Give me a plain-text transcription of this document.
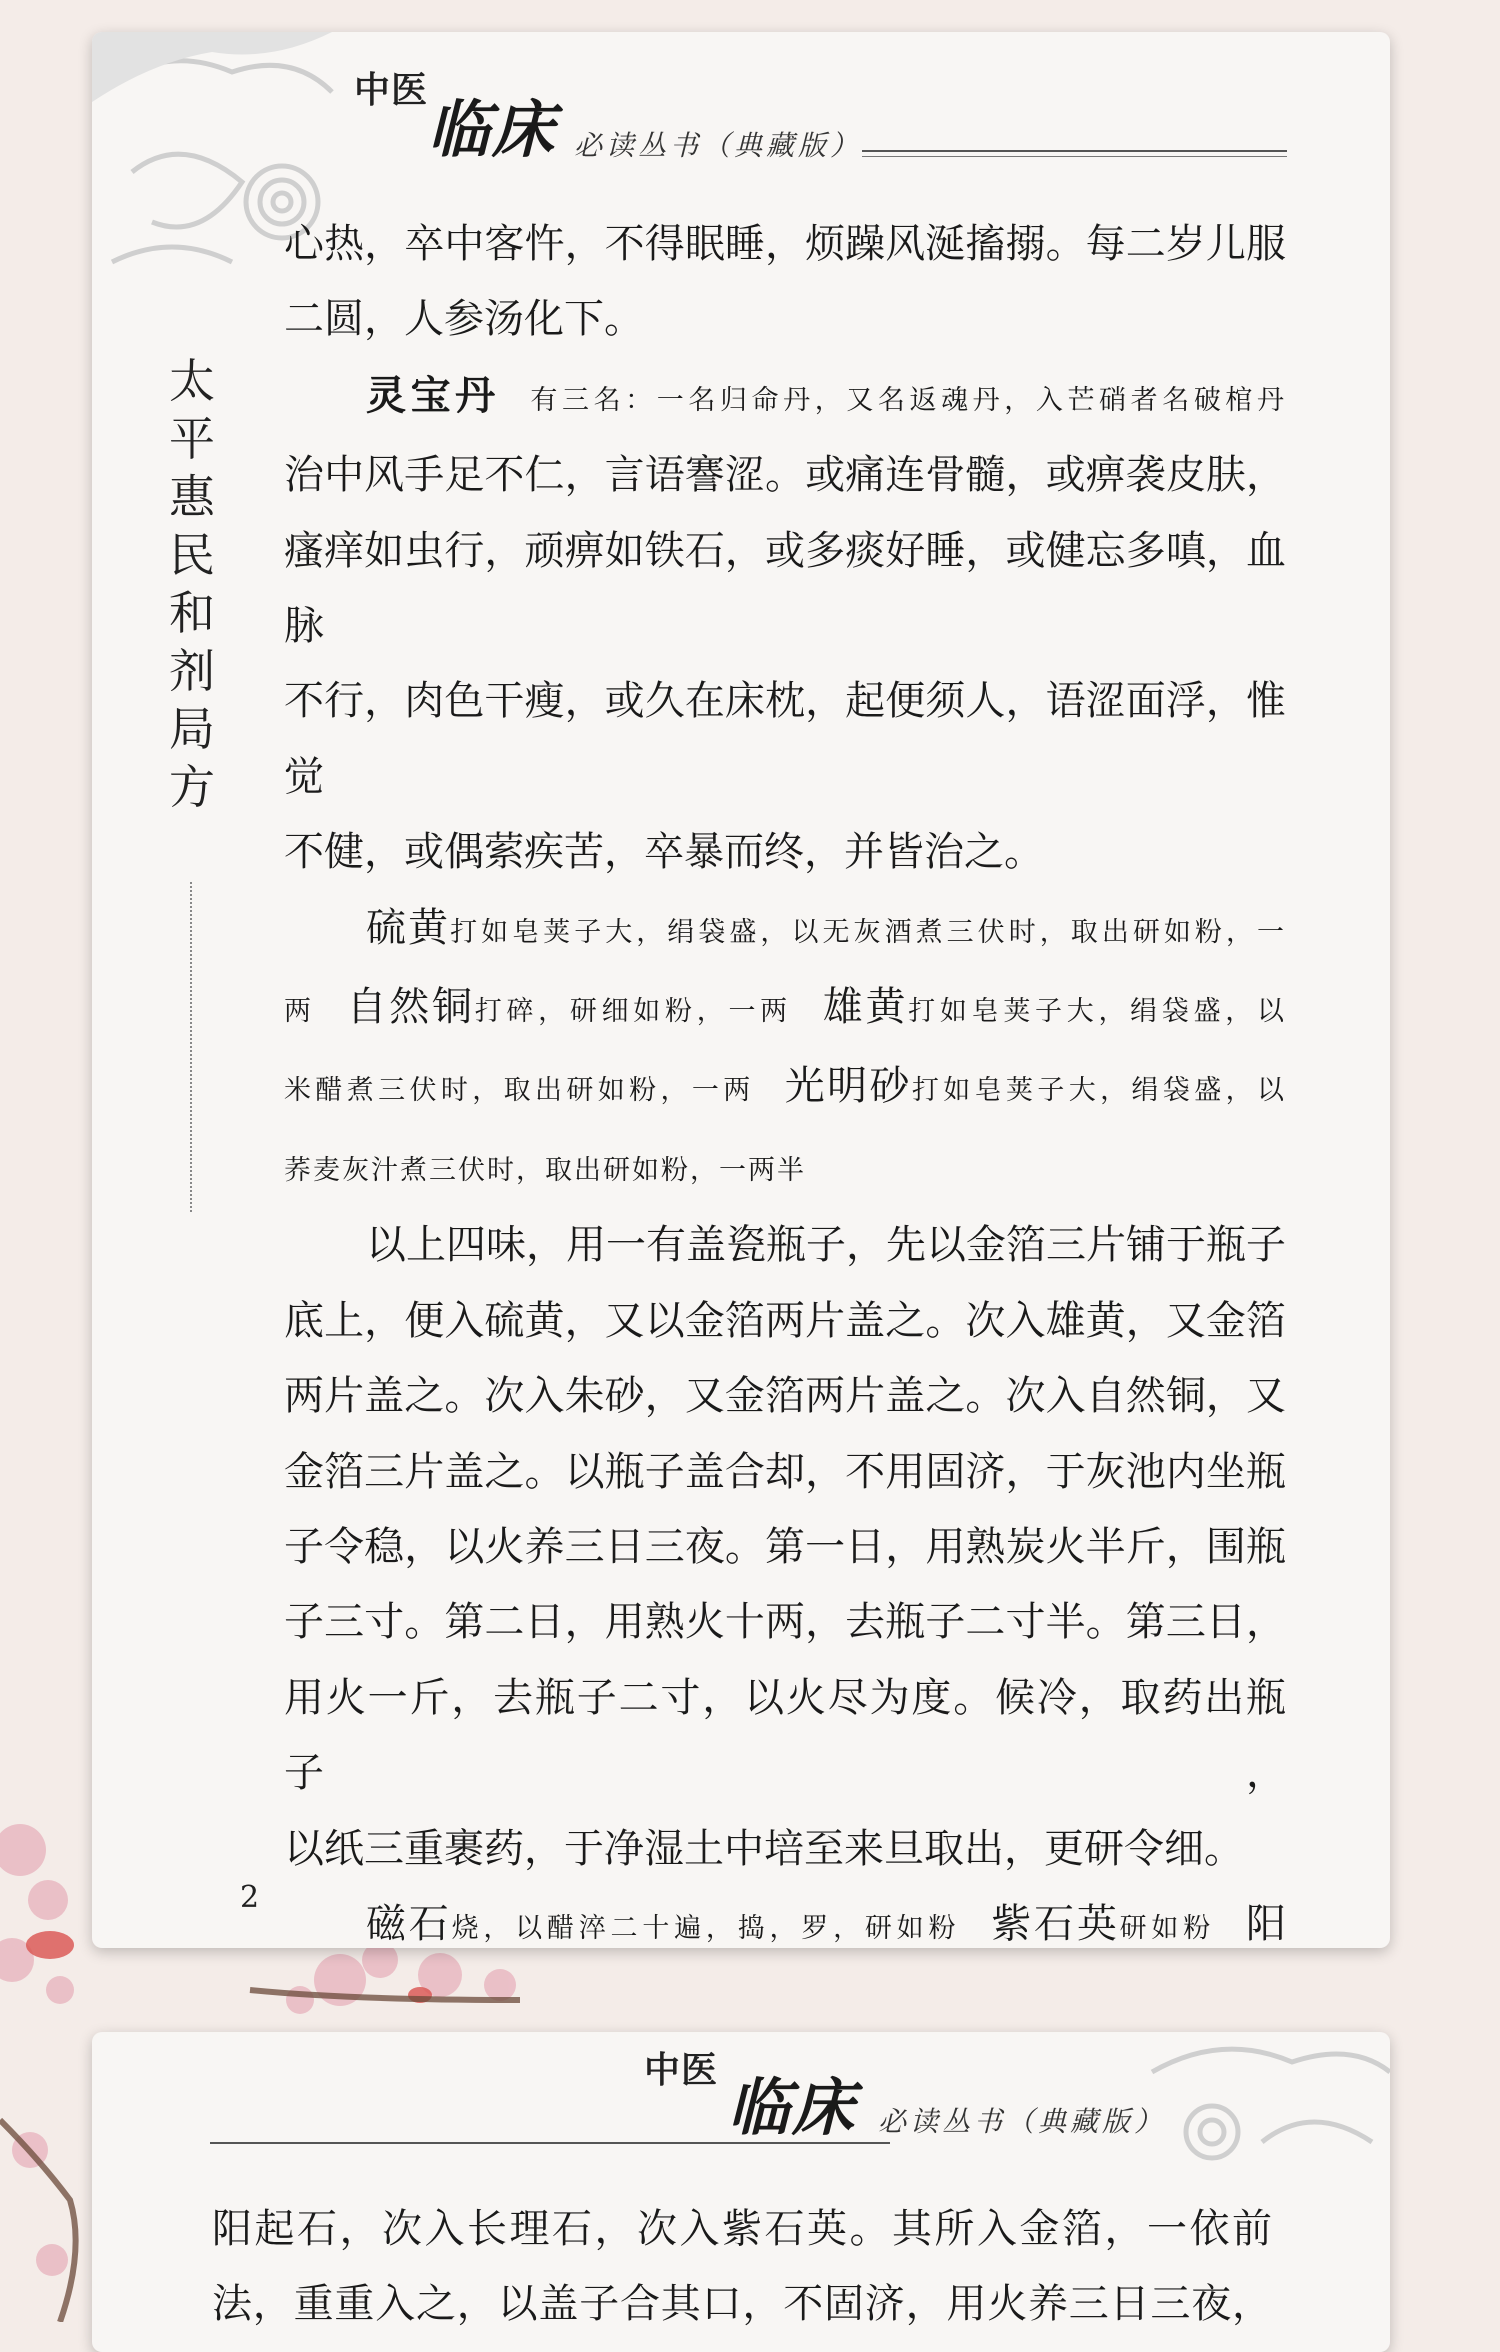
中医
临床 必读丛书（典藏版）
太
平
惠
民
和
剂
局
方

心热，卒中客忤，不得眠睡，烦躁风涎搐搦。每二岁儿服

二圆，人参汤化下。

灵宝丹 有三名：一名归命丹，又名返魂丹，入芒硝者名破棺丹

治中风手足不仁，言语謇涩。或痛连骨髓，或痹袭皮肤，

瘙痒如虫行，顽痹如铁石，或多痰好睡，或健忘多嗔，血脉

不行，肉色干瘦，或久在床枕，起便须人，语涩面浮，惟觉

不健，或偶萦疾苦，卒暴而终，并皆治之。

硫黄打如皂荚子大，绢袋盛，以无灰酒煮三伏时，取出研如粉，一

两 自然铜打碎，研细如粉，一两 雄黄打如皂荚子大，绢袋盛，以

米醋煮三伏时，取出研如粉，一两 光明砂打如皂荚子大，绢袋盛，以

荞麦灰汁煮三伏时，取出研如粉，一两半

以上四味，用一有盖瓷瓶子，先以金箔三片铺于瓶子

底上，便入硫黄，又以金箔两片盖之。次入雄黄，又金箔

两片盖之。次入朱砂，又金箔两片盖之。次入自然铜，又

金箔三片盖之。以瓶子盖合却，不用固济，于灰池内坐瓶

子令稳，以火养三日三夜。第一日，用熟炭火半斤，围瓶

子三寸。第二日，用熟火十两，去瓶子二寸半。第三日，

用火一斤，去瓶子二寸，以火尽为度。候冷，取药出瓶子，

以纸三重裹药，于净湿土中培至来旦取出，更研令细。

磁石烧，以醋淬二十遍，捣，罗，研如粉 紫石英研如粉 阳

2
中医
临床 必读丛书（典藏版）

阳起石，次入长理石，次入紫石英。其所入金箔，一依前

法，重重入之，以盖子合其口，不固济，用火养三日三夜，
